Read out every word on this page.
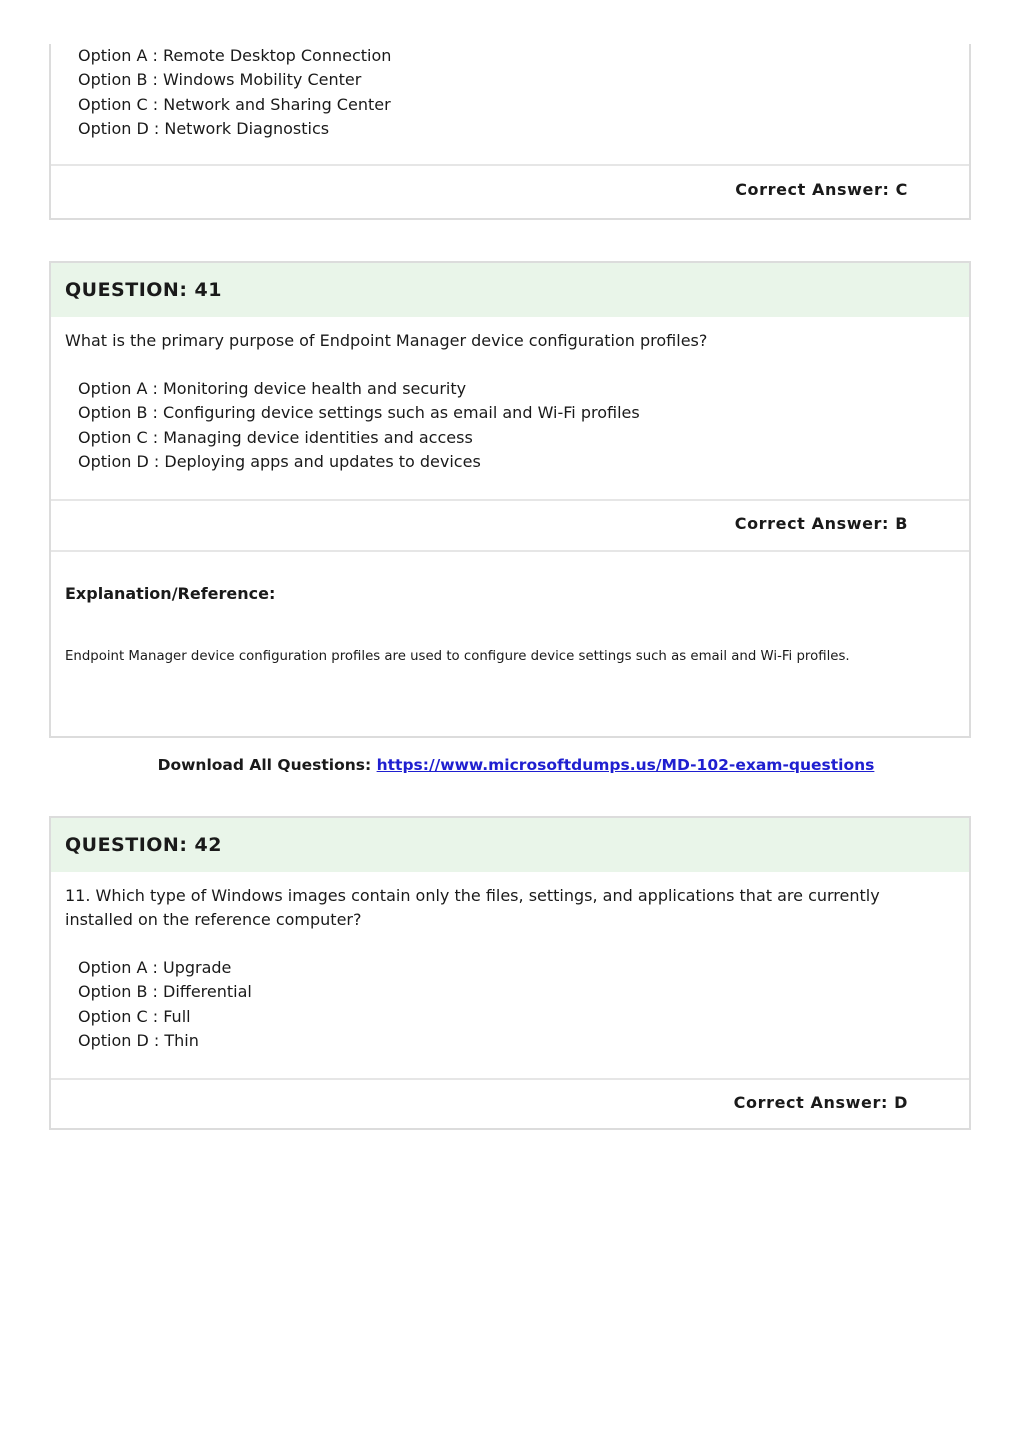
Option A : Remote Desktop Connection
Option B : Windows Mobility Center
Option C : Network and Sharing Center
Option D : Network Diagnostics
Correct Answer: C
QUESTION: 41
What is the primary purpose of Endpoint Manager device configuration profiles?
Option A : Monitoring device health and security
Option B : Configuring device settings such as email and Wi-Fi profiles
Option C : Managing device identities and access
Option D : Deploying apps and updates to devices
Correct Answer: B
Explanation/Reference:
Endpoint Manager device configuration profiles are used to configure device settings such as email and Wi-Fi profiles.
Download All Questions: https://www.microsoftdumps.us/MD-102-exam-questions
QUESTION: 42
11. Which type of Windows images contain only the files, settings, and applications that are currently installed on the reference computer?
Option A : Upgrade
Option B : Differential
Option C : Full
Option D : Thin
Correct Answer: D
